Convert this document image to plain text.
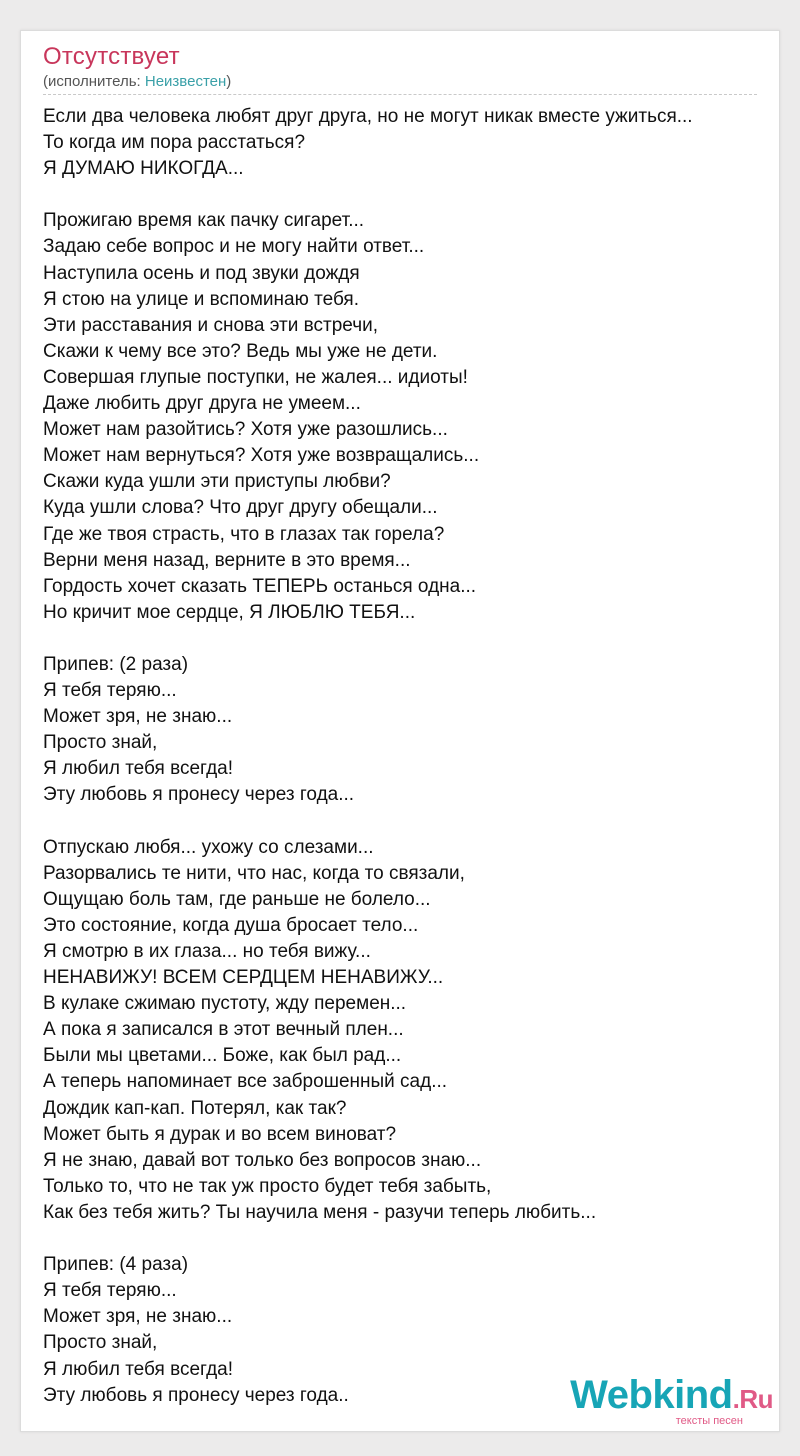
Отсутствует
(исполнитель: Неизвестен)
Если два человека любят друг друга, но не могут никак вместе ужиться...
То когда им пора расстаться?
Я ДУМАЮ НИКОГДА...
Прожигаю время как пачку сигарет...
Задаю себе вопрос и не могу найти ответ...
Наступила осень и под звуки дождя
Я стою на улице и вспоминаю тебя.
Эти расставания и снова эти встречи,
Скажи к чему все это? Ведь мы уже не дети.
Совершая глупые поступки, не жалея... идиоты!
Даже любить друг друга не умеем...
Может нам разойтись? Хотя уже разошлись...
Может нам вернуться? Хотя уже возвращались...
Скажи куда ушли эти приступы любви?
Куда ушли слова? Что друг другу обещали...
Где же твоя страсть, что в глазах так горела?
Верни меня назад, верните в это время...
Гордость хочет сказать ТЕПЕРЬ останься одна...
Но кричит мое сердце, Я ЛЮБЛЮ ТЕБЯ...
Припев: (2 раза)
Я тебя теряю...
Может зря, не знаю...
Просто знай,
Я любил тебя всегда!
Эту любовь я пронесу через года...
Отпускаю любя... ухожу со слезами...
Разорвались те нити, что нас, когда то связали,
Ощущаю боль там, где раньше не болело...
Это состояние, когда душа бросает тело...
Я смотрю в их глаза... но тебя вижу...
НЕНАВИЖУ! ВСЕМ СЕРДЦЕМ НЕНАВИЖУ...
В кулаке сжимаю пустоту, жду перемен...
А пока я записался в этот вечный плен...
Были мы цветами... Боже, как был рад...
А теперь напоминает все заброшенный сад...
Дождик кап-кап. Потерял, как так?
Может быть я дурак и во всем виноват?
Я не знаю, давай вот только без вопросов знаю...
Только то, что не так уж просто будет тебя забыть,
Как без тебя жить? Ты научила меня - разучи теперь любить...
Припев: (4 раза)
Я тебя теряю...
Может зря, не знаю...
Просто знай,
Я любил тебя всегда!
Эту любовь я пронесу через года..	Webkind.Ru
тексты песен
